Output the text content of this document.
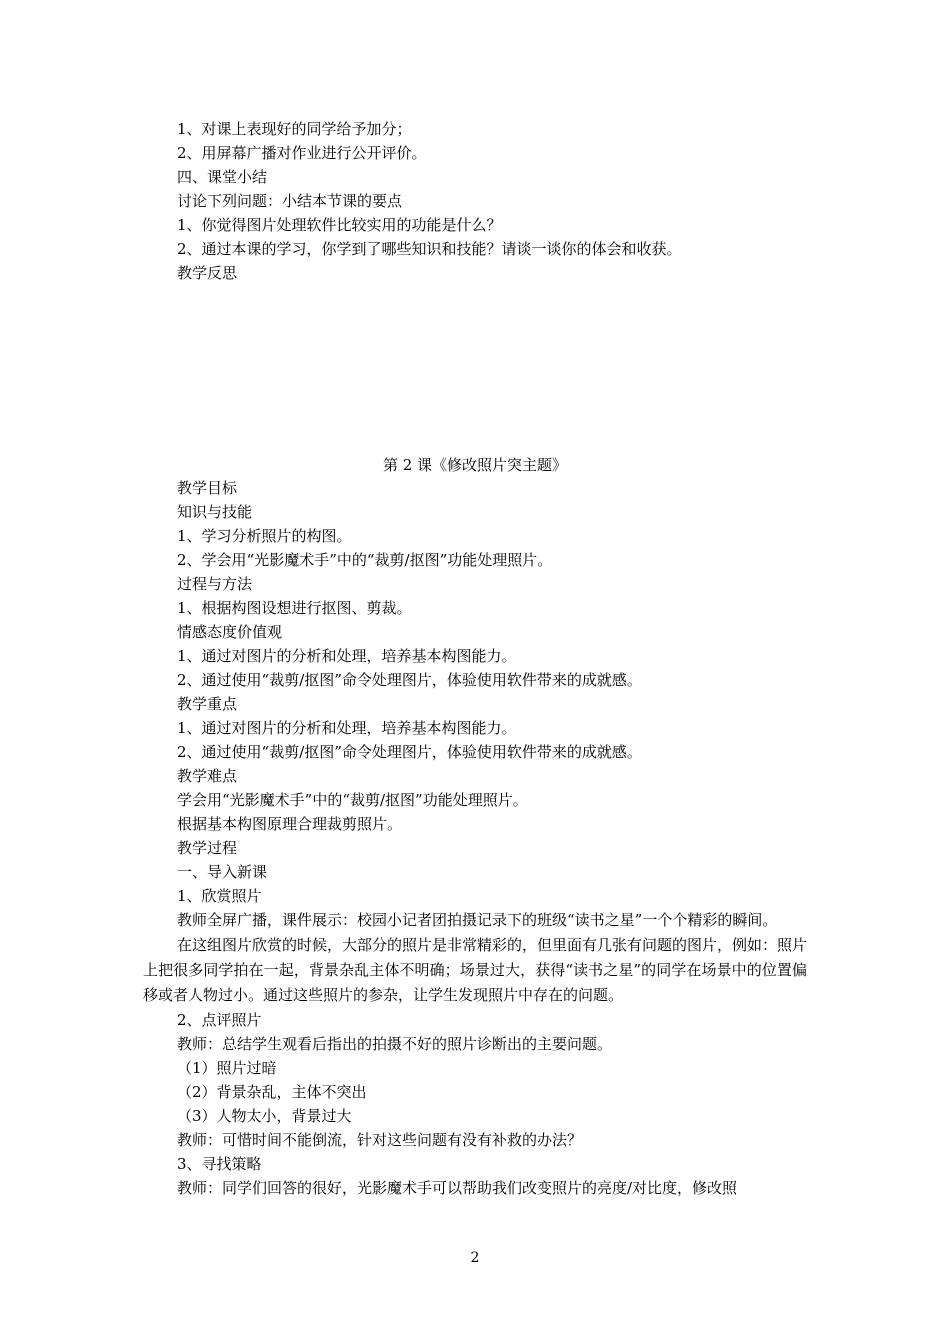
1、对课上表现好的同学给予加分；
2、用屏幕广播对作业进行公开评价。
四、课堂小结
讨论下列问题：小结本节课的要点
1、你觉得图片处理软件比较实用的功能是什么？
2、通过本课的学习，你学到了哪些知识和技能？请谈一谈你的体会和收获。
教学反思
第 2 课《修改照片突主题》
教学目标
知识与技能
1、学习分析照片的构图。
2、学会用“光影魔术手”中的“裁剪/抠图”功能处理照片。
过程与方法
1、根据构图设想进行抠图、剪裁。
情感态度价值观
1、通过对图片的分析和处理，培养基本构图能力。
2、通过使用“裁剪/抠图”命令处理图片，体验使用软件带来的成就感。
教学重点
1、通过对图片的分析和处理，培养基本构图能力。
2、通过使用“裁剪/抠图”命令处理图片，体验使用软件带来的成就感。
教学难点
学会用“光影魔术手”中的“裁剪/抠图”功能处理照片。
根据基本构图原理合理裁剪照片。
教学过程
一、导入新课
1、欣赏照片
教师全屏广播，课件展示：校园小记者团拍摄记录下的班级“读书之星”一个个精彩的瞬间。
在这组图片欣赏的时候，大部分的照片是非常精彩的，但里面有几张有问题的图片，例如：照片上把很多同学拍在一起，背景杂乱主体不明确；场景过大，获得“读书之星”的同学在场景中的位置偏移或者人物过小。通过这些照片的参杂，让学生发现照片中存在的问题。
2、点评照片
教师：总结学生观看后指出的拍摄不好的照片诊断出的主要问题。
（1）照片过暗
（2）背景杂乱，主体不突出
（3）人物太小，背景过大
教师：可惜时间不能倒流，针对这些问题有没有补救的办法？
3、寻找策略
教师：同学们回答的很好，光影魔术手可以帮助我们改变照片的亮度/对比度，修改照
2
